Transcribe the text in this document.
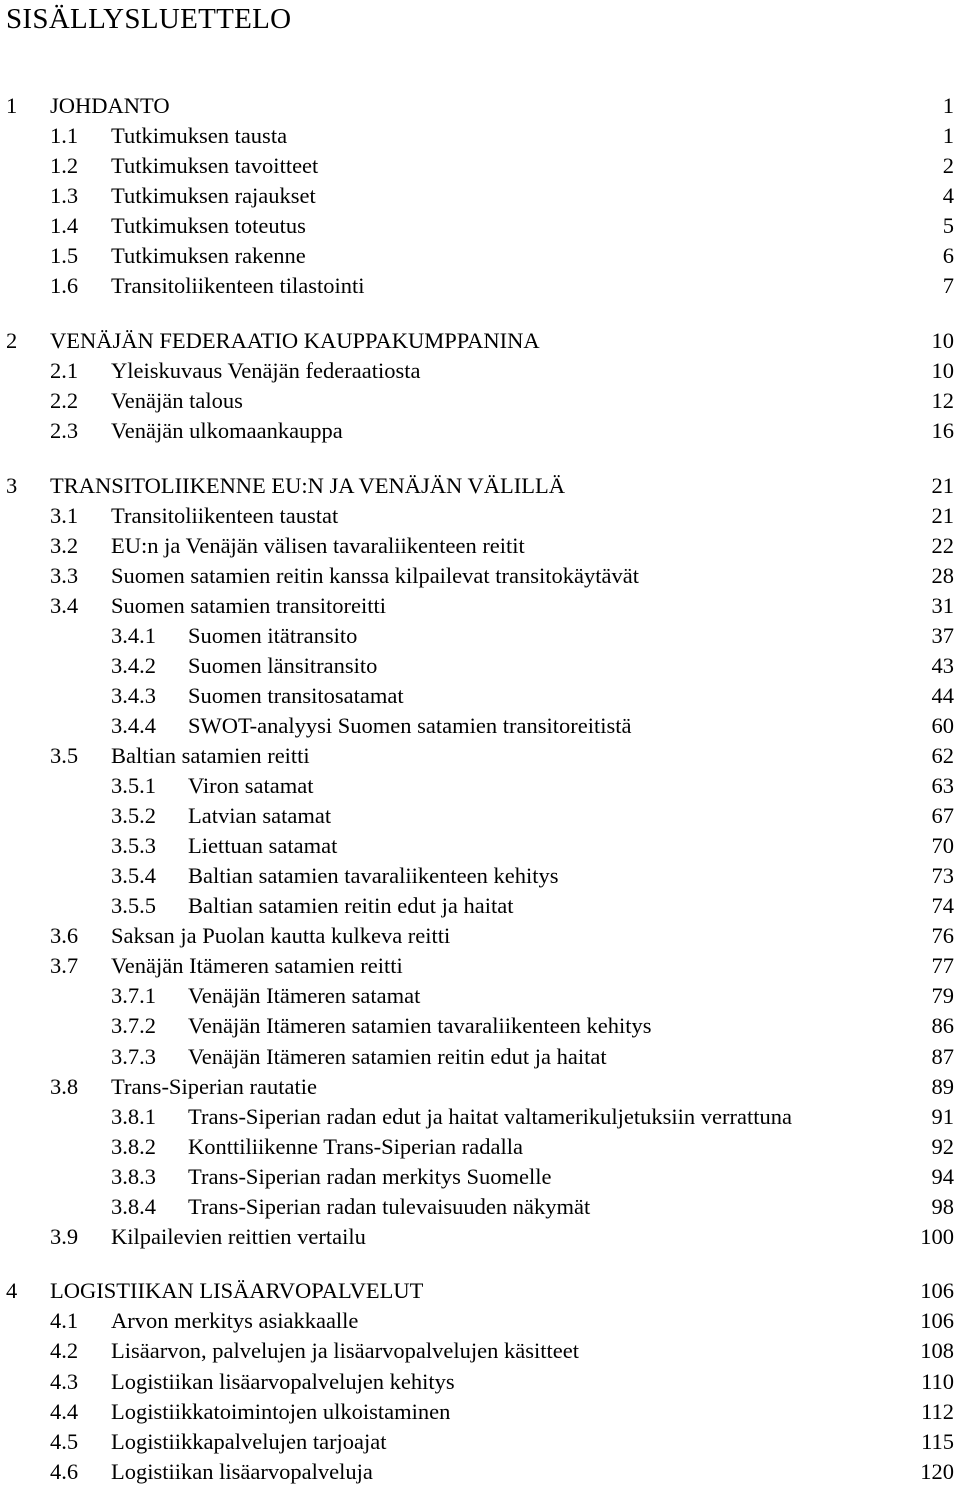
SISÄLLYSLUETTELO
1 JOHDANTO	1
1.1 Tutkimuksen tausta	1
1.2 Tutkimuksen tavoitteet	2
1.3 Tutkimuksen rajaukset	4
1.4 Tutkimuksen toteutus	5
1.5 Tutkimuksen rakenne	6
1.6 Transitoliikenteen tilastointi	7
2 VENÄJÄN FEDERAATIO KAUPPAKUMPPANINA	10
2.1 Yleiskuvaus Venäjän federaatiosta	10
2.2 Venäjän talous	12
2.3 Venäjän ulkomaankauppa	16
3 TRANSITOLIIKENNE EU:N JA VENÄJÄN VÄLILLÄ	21
3.1 Transitoliikenteen taustat	21
3.2 EU:n ja Venäjän välisen tavaraliikenteen reitit	22
3.3 Suomen satamien reitin kanssa kilpailevat transitokäytävät	28
3.4 Suomen satamien transitoreitti	31
3.4.1 Suomen itätransito	37
3.4.2 Suomen länsitransito	43
3.4.3 Suomen transitosatamat	44
3.4.4 SWOT-analyysi Suomen satamien transitoreitistä	60
3.5 Baltian satamien reitti	62
3.5.1 Viron satamat	63
3.5.2 Latvian satamat	67
3.5.3 Liettuan satamat	70
3.5.4 Baltian satamien tavaraliikenteen kehitys	73
3.5.5 Baltian satamien reitin edut ja haitat	74
3.6 Saksan ja Puolan kautta kulkeva reitti	76
3.7 Venäjän Itämeren satamien reitti	77
3.7.1 Venäjän Itämeren satamat	79
3.7.2 Venäjän Itämeren satamien tavaraliikenteen kehitys	86
3.7.3 Venäjän Itämeren satamien reitin edut ja haitat	87
3.8 Trans-Siperian rautatie	89
3.8.1 Trans-Siperian radan edut ja haitat valtamerikuljetuksiin verrattuna	91
3.8.2 Konttiliikenne Trans-Siperian radalla	92
3.8.3 Trans-Siperian radan merkitys Suomelle	94
3.8.4 Trans-Siperian radan tulevaisuuden näkymät	98
3.9 Kilpailevien reittien vertailu	100
4 LOGISTIIKAN LISÄARVOPALVELUT	106
4.1 Arvon merkitys asiakkaalle	106
4.2 Lisäarvon, palvelujen ja lisäarvopalvelujen käsitteet	108
4.3 Logistiikan lisäarvopalvelujen kehitys	110
4.4 Logistiikkatoimintojen ulkoistaminen	112
4.5 Logistiikkapalvelujen tarjoajat	115
4.6 Logistiikan lisäarvopalveluja	120
